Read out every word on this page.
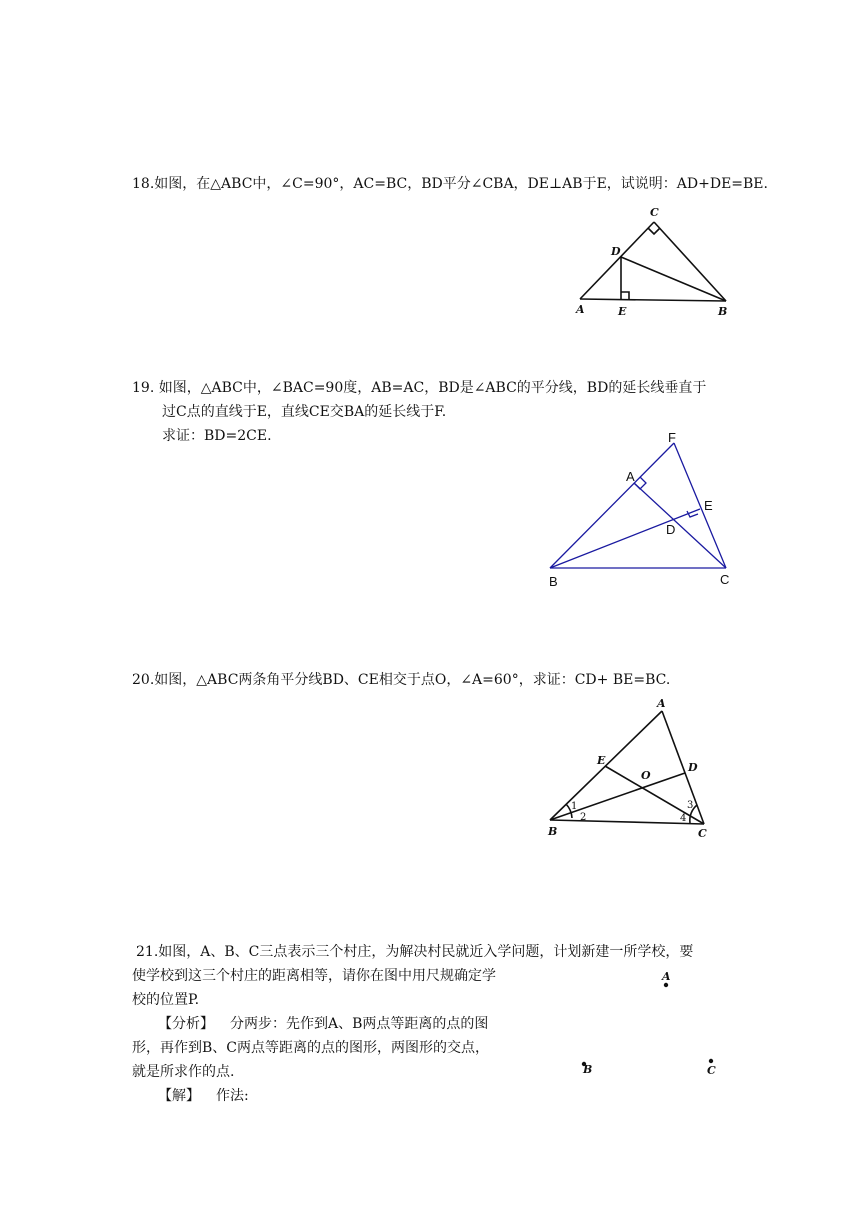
18.如图，在△ABC中，∠C=90°，AC=BC，BD平分∠CBA，DE⊥AB于E，试说明：AD+DE=BE.
A	B
C
D
E
19. 如图，△ABC中，∠BAC=90度，AB=AC，BD是∠ABC的平分线，BD的延长线垂直于
过C点的直线于E，直线CE交BA的延长线于F.
求证：BD=2CE.	F
A
E
D
B	C
20.如图，△ABC两条角平分线BD、CE相交于点O，∠A=60°，求证：CD+ BE=BC.
A
E
O
D
B	C
1
2
3
4
21.如图，A、B、C三点表示三个村庄，为解决村民就近入学问题，计划新建一所学校，要
使学校到这三个村庄的距离相等，请你在图中用尺规确定学
校的位置P.
【分析】 分两步：先作到A、B两点等距离的点的图
形，再作到B、C两点等距离的点的图形，两图形的交点，
就是所求作的点.
【解】 作法:
A
B	C
